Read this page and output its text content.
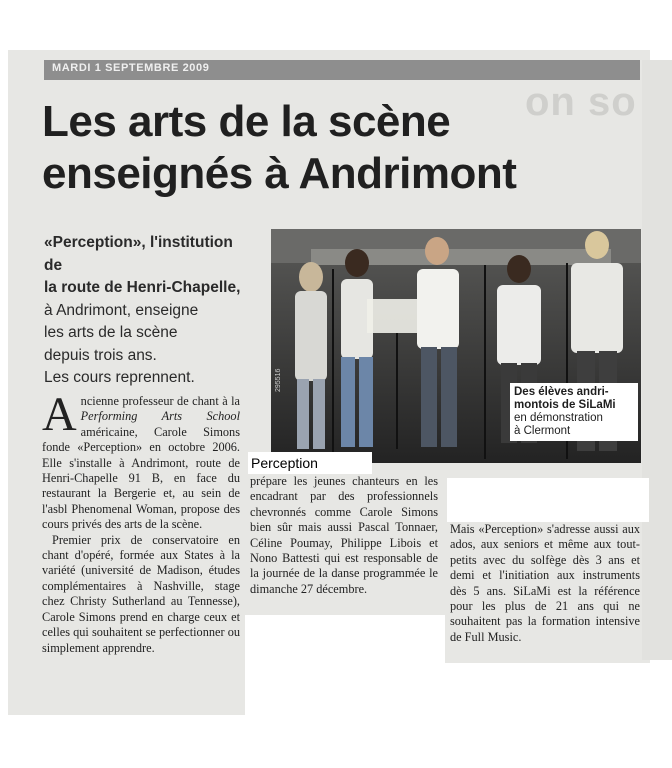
MARDI 1 SEPTEMBRE 2009
on so
Les arts de la scène
enseignés à Andrimont
«Perception», l'institution de
la route de Henri-Chapelle,
à Andrimont, enseigne
les arts de la scène
depuis trois ans.
Les cours reprennent.	295516	Des élèves andri-
montois de SiLaMi
en démonstration
à Clermont

Ancienne professeur de chant à la Performing Arts School américaine, Carole Simons fonde «Perception» en octobre 2006. Elle s'installe à Andrimont, route de Henri-Chapelle 91 B, en face du restaurant la Bergerie et, au sein de l'asbl Phenomenal Woman, propose des cours privés des arts de la scène.

Premier prix de conservatoire en chant d'opéré, formée aux States à la variété (université de Madison, études complémentaires à Nashville, stage chez Christy Sutherland au Tennesse), Carole Simons prend en charge ceux et celles qui souhaitent se perfectionner ou simplement apprendre.

prépare les jeunes chanteurs en les encadrant par des professionnels chevronnés comme Carole Simons bien sûr mais aussi Pascal Tonnaer, Céline Poumay, Philippe Libois et Nono Battesti qui est responsable de la journée de la danse programmée le dimanche 27 décembre.

Mais «Perception» s'adresse aussi aux ados, aux seniors et même aux tout-petits avec du solfège dès 3 ans et demi et l'initiation aux instruments dès 5 ans. SiLaMi est la référence pour les plus de 21 ans qui ne souhaitent pas la formation intensive de Full Music.

Perception
